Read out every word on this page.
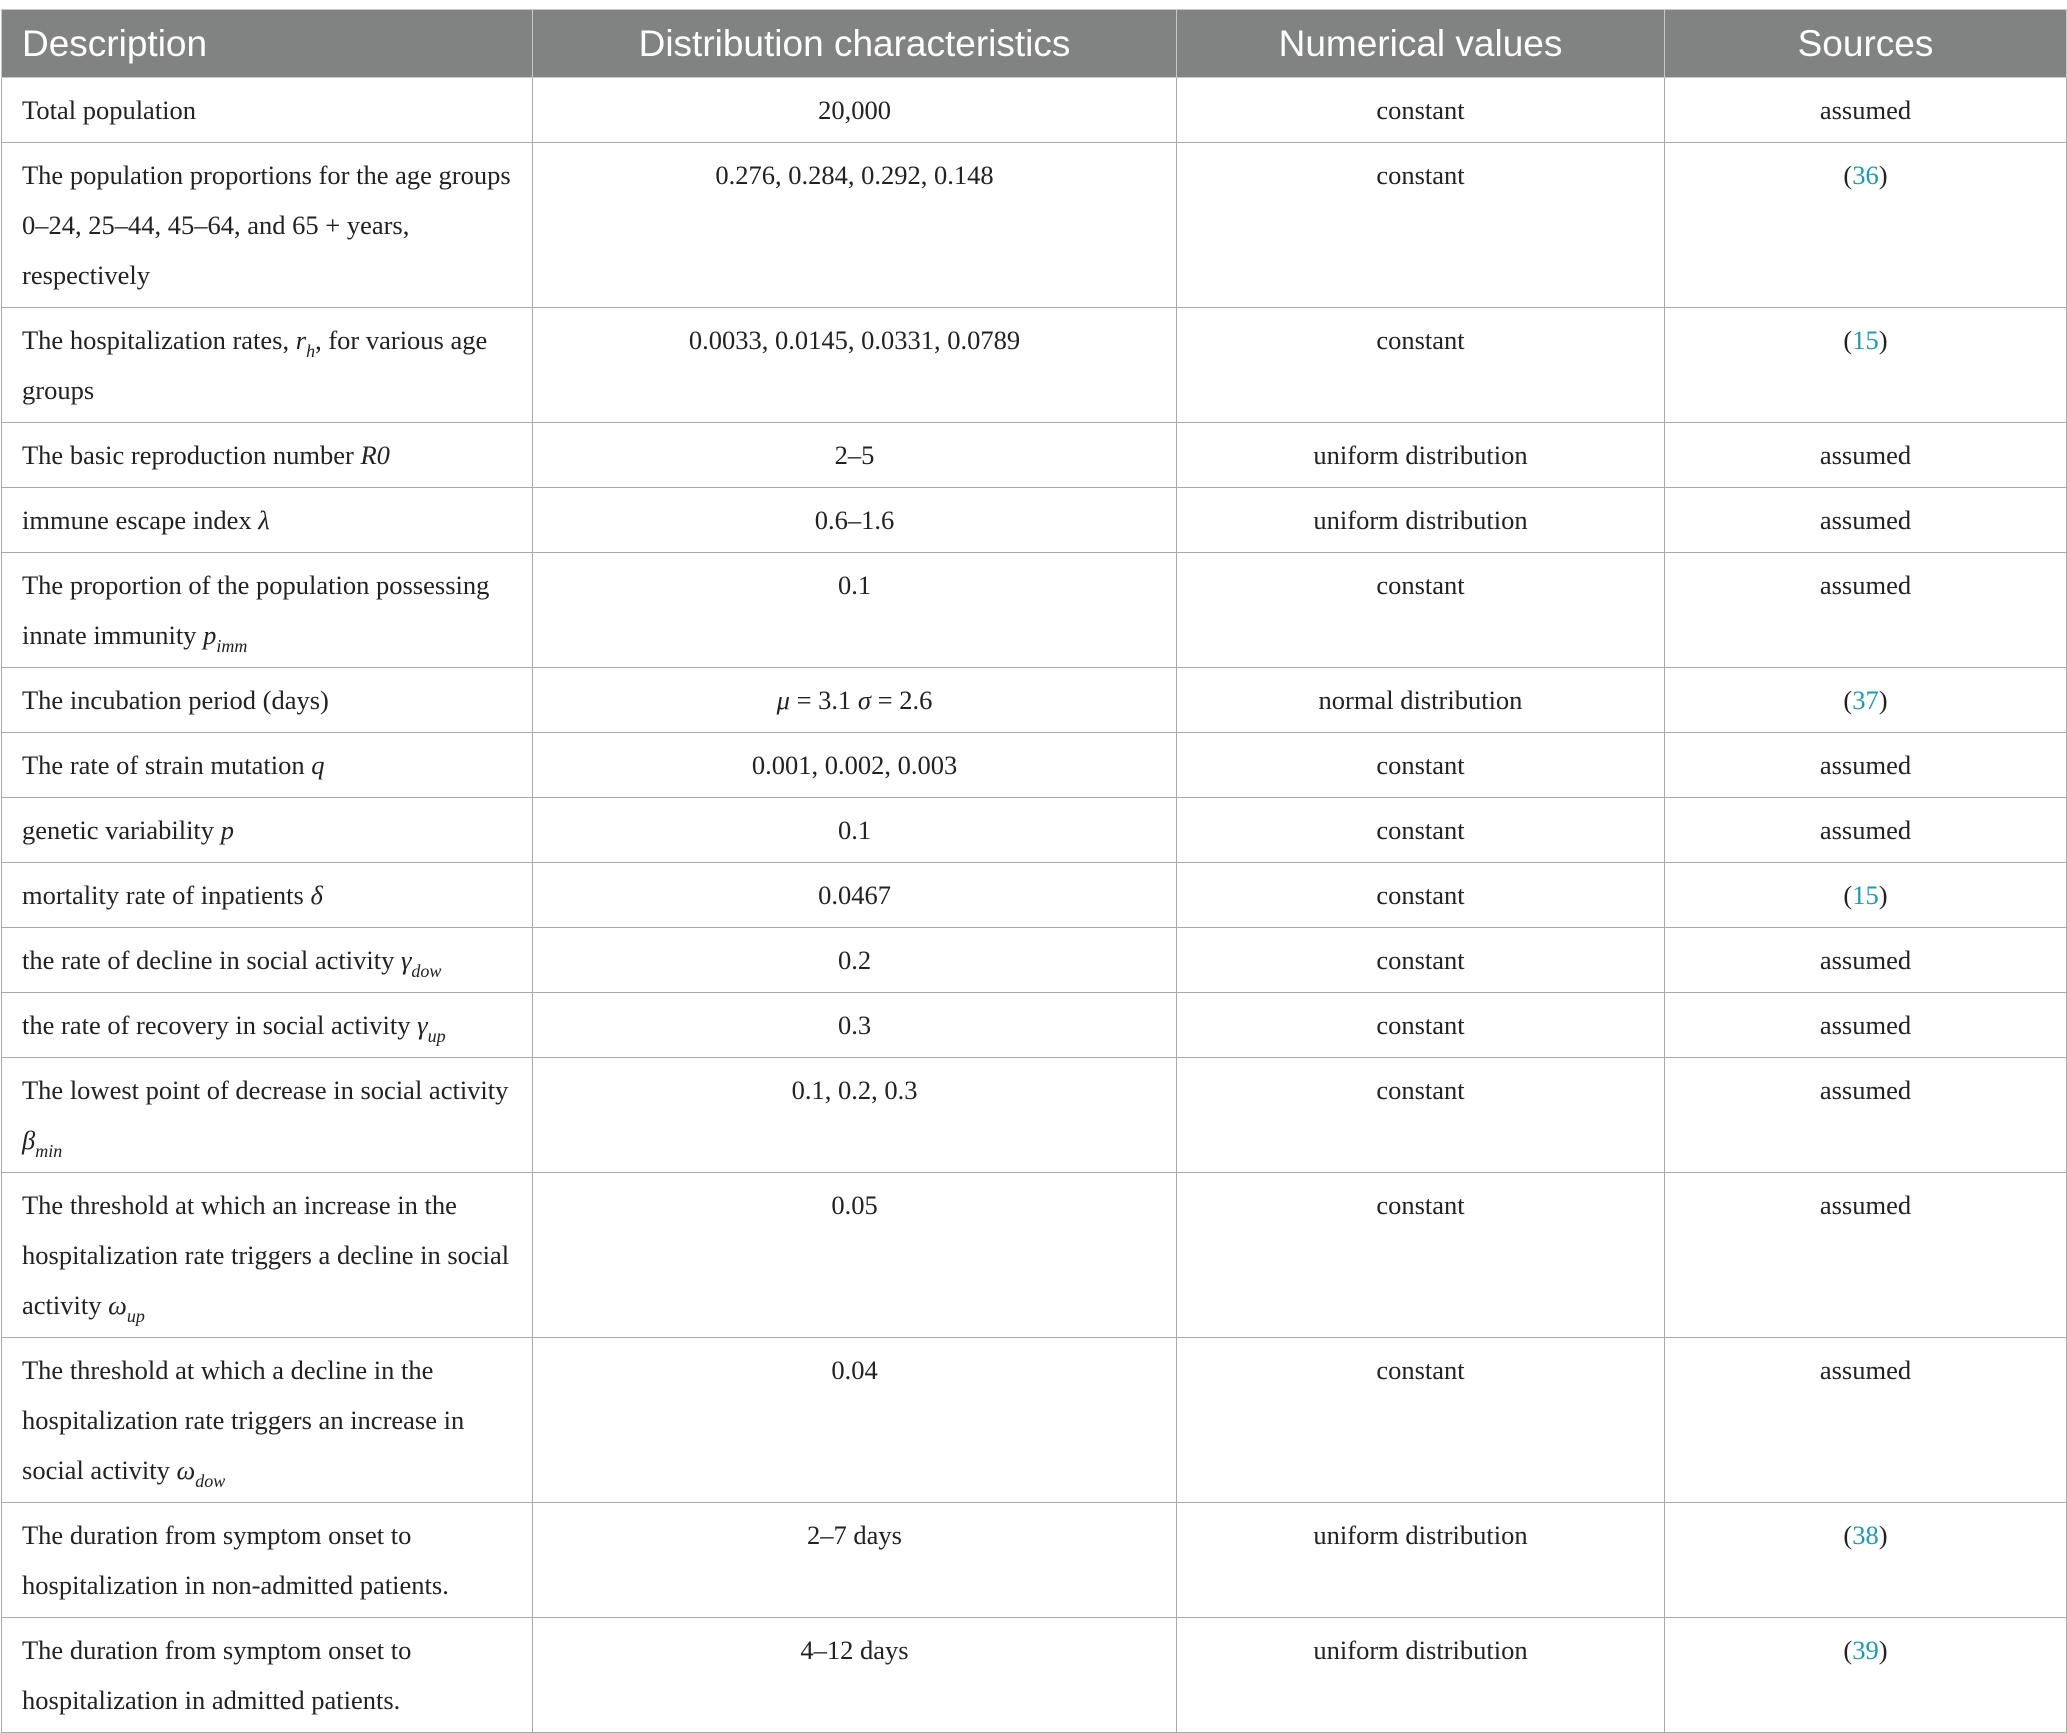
Description	Distribution characteristics	Numerical values	Sources
Total population	20,000	constant	assumed
The population proportions for the age groups 0–24, 25–44, 45–64, and 65 + years, respectively	0.276, 0.284, 0.292, 0.148	constant	(36)
The hospitalization rates, $r_h$, for various age groups	0.0033, 0.0145, 0.0331, 0.0789	constant	(15)
The basic reproduction number R0	2–5	uniform distribution	assumed
immune escape index λ	0.6–1.6	uniform distribution	assumed
The proportion of the population possessing innate immunity $p_{imm}$	0.1	constant	assumed
The incubation period (days)	μ = 3.1 σ = 2.6	normal distribution	(37)
The rate of strain mutation q	0.001, 0.002, 0.003	constant	assumed
genetic variability p	0.1	constant	assumed
mortality rate of inpatients δ	0.0467	constant	(15)
the rate of decline in social activity $\gamma_{dow}$	0.2	constant	assumed
the rate of recovery in social activity $\gamma_{up}$	0.3	constant	assumed
The lowest point of decrease in social activity $\beta_{min}$	0.1, 0.2, 0.3	constant	assumed
The threshold at which an increase in the hospitalization rate triggers a decline in social activity $\omega_{up}$	0.05	constant	assumed
The threshold at which a decline in the hospitalization rate triggers an increase in social activity $\omega_{dow}$	0.04	constant	assumed
The duration from symptom onset to hospitalization in non-admitted patients.	2–7 days	uniform distribution	(38)
The duration from symptom onset to hospitalization in admitted patients.	4–12 days	uniform distribution	(39)
